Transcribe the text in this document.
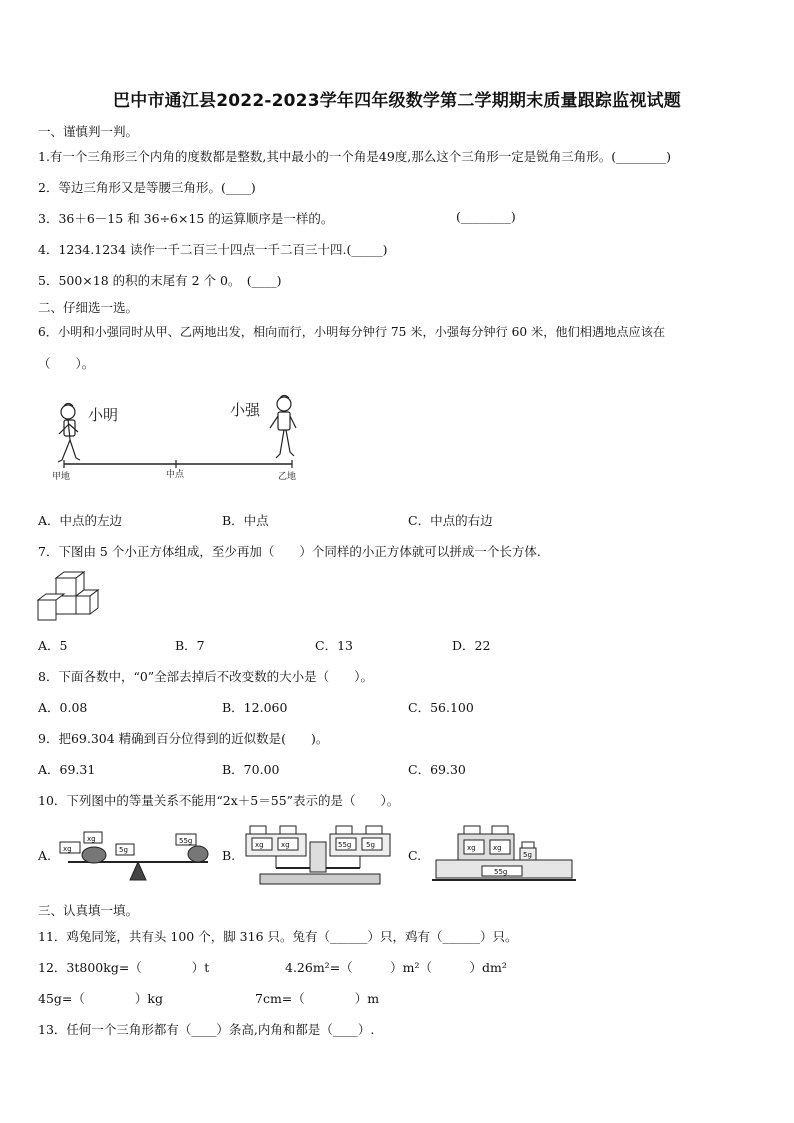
巴中市通江县2022-2023学年四年级数学第二学期期末质量跟踪监视试题
一、谨慎判一判。
1.有一个三角形三个内角的度数都是整数,其中最小的一个角是49度,那么这个三角形一定是锐角三角形。(________)
2．等边三角形又是等腰三角形。(____)
3．36＋6－15 和 36÷6×15 的运算顺序是一样的。	(________)
4．1234.1234 读作一千二百三十四点一千二百三十四.(_____)
5．500×18 的积的末尾有 2 个 0。　(____)
二、仔细选一选。
6．小明和小强同时从甲、乙两地出发，相向而行，小明每分钟行 75 米，小强每分钟行 60 米，他们相遇地点应该在
（　　）。
小明	小强
甲地	中点	乙地
A．中点的左边	B．中点	C．中点的右边
7．下图由 5 个小正方体组成，至少再加（　　）个同样的小正方体就可以拼成一个长方体.
A．5	B．7	C．13	D．22
8．下面各数中，“0”全部去掉后不改变数的大小是（　　）。
A．0.08	B．12.060	C．56.100
9．把69.304 精确到百分位得到的近似数是(　　)。
A．69.31	B．70.00	C．69.30
10．下列图中的等量关系不能用“2x＋5＝55”表示的是（　　）。
A. xg
xg
5g
55g
B.
xg xg	55g 5g
C.	xg xg
5g
55g
三、认真填一填。
11．鸡兔同笼，共有头 100 个，脚 316 只。兔有（______）只，鸡有（______）只。
12．3t800kg=（　　　　）t	4.26m²=（　　　）m²（　　　）dm²
45g=（　　　　）kg	7cm=（　　　　）m
13．任何一个三角形都有（____）条高,内角和都是（____）.
